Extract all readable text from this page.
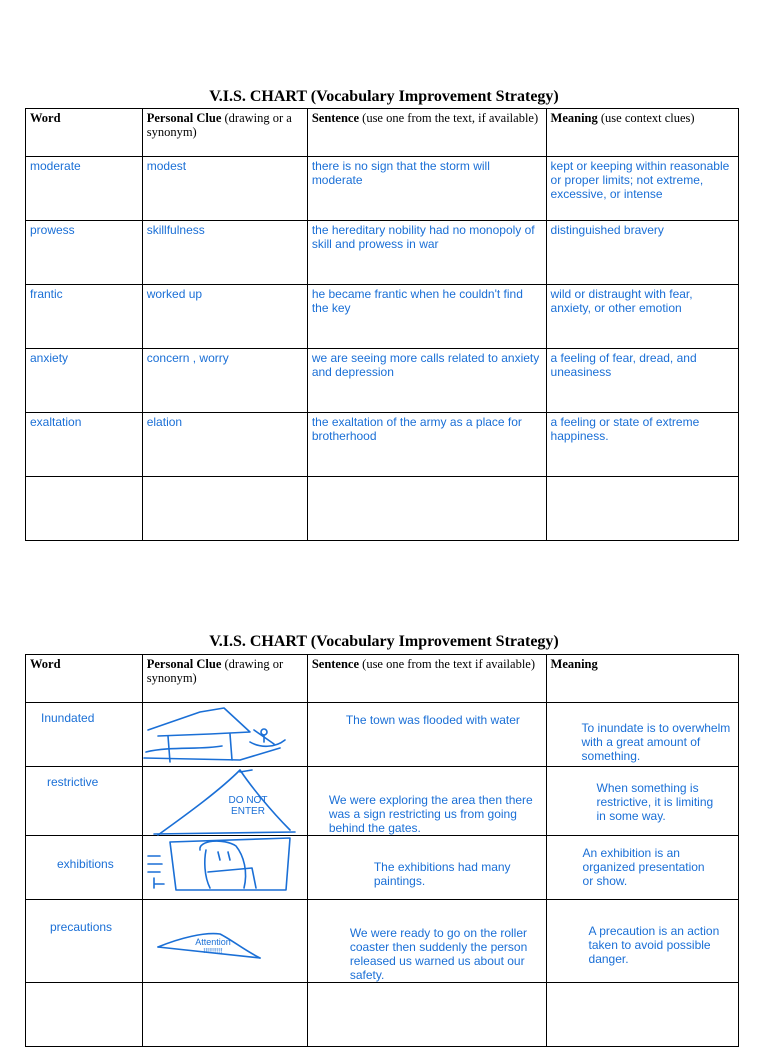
V.I.S. CHART (Vocabulary Improvement Strategy)
Word	Personal Clue (drawing or a synonym)	Sentence (use one from the text, if available)	Meaning (use context clues)
moderate	modest	there is no sign that the storm will moderate	kept or keeping within reasonable or proper limits; not extreme, excessive, or intense
prowess	skillfulness	the hereditary nobility had no monopoly of skill and prowess in war	distinguished bravery
frantic	worked up	he became frantic when he couldn't find the key	wild or distraught with fear, anxiety, or other emotion
anxiety	concern , worry	we are seeing more calls related to anxiety and depression	a feeling of fear, dread, and uneasiness
exaltation	elation	the exaltation of the army as a place for brotherhood	a feeling or state of extreme happiness.

V.I.S. CHART (Vocabulary Improvement Strategy)
Word	Personal Clue (drawing or synonym)	Sentence (use one from the text if available)	Meaning
Inundated		The town was flooded with water	To inundate is to overwhelm with a great amount of something.
restrictive		We were exploring the area then there was a sign restricting us from going behind the gates.	When something is restrictive, it is limiting in some way.
exhibitions		The exhibitions had many paintings.	An exhibition is an organized presentation or show.
precautions		We were ready to go on the roller coaster then suddenly the person released us warned us about our safety.	A precaution is an action taken to avoid possible danger.

DO NOT ENTER
Attention
!!!!!!!!!!
